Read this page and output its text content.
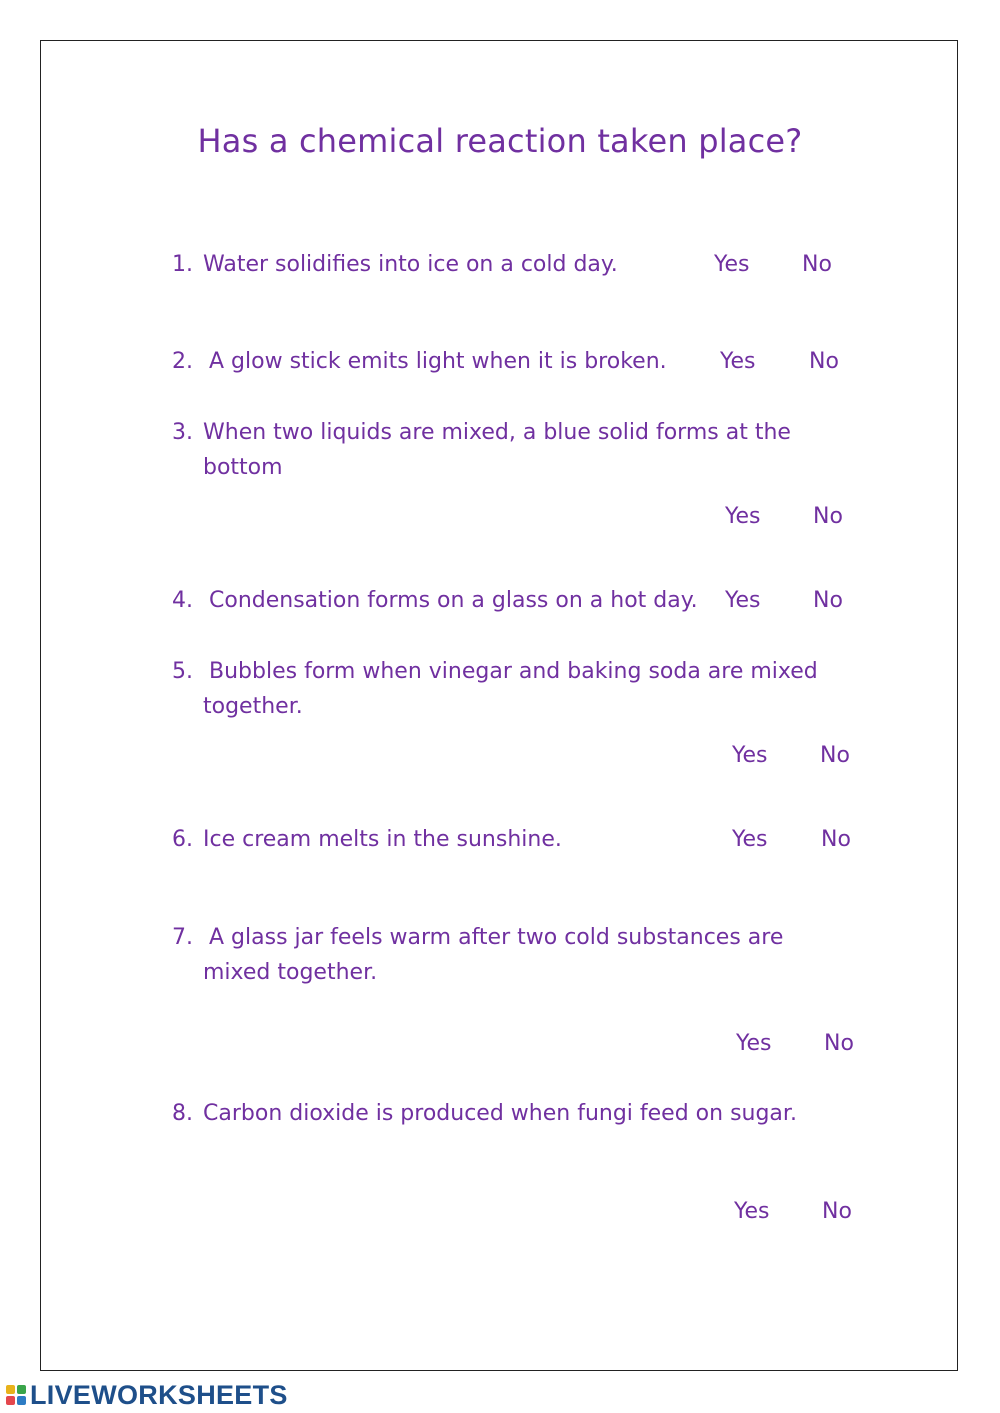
Has a chemical reaction taken place?
1. Water solidifies into ice on a cold day.	Yes No
2. A glow stick emits light when it is broken. Yes No
3. When two liquids are mixed, a blue solid forms at the
bottom
Yes No
4. Condensation forms on a glass on a hot day. Yes No
5. Bubbles form when vinegar and baking soda are mixed
together.
Yes No
6. Ice cream melts in the sunshine.	Yes No
7. A glass jar feels warm after two cold substances are
mixed together.
Yes No
8. Carbon dioxide is produced when fungi feed on sugar.
Yes No
LIVEWORKSHEETS
